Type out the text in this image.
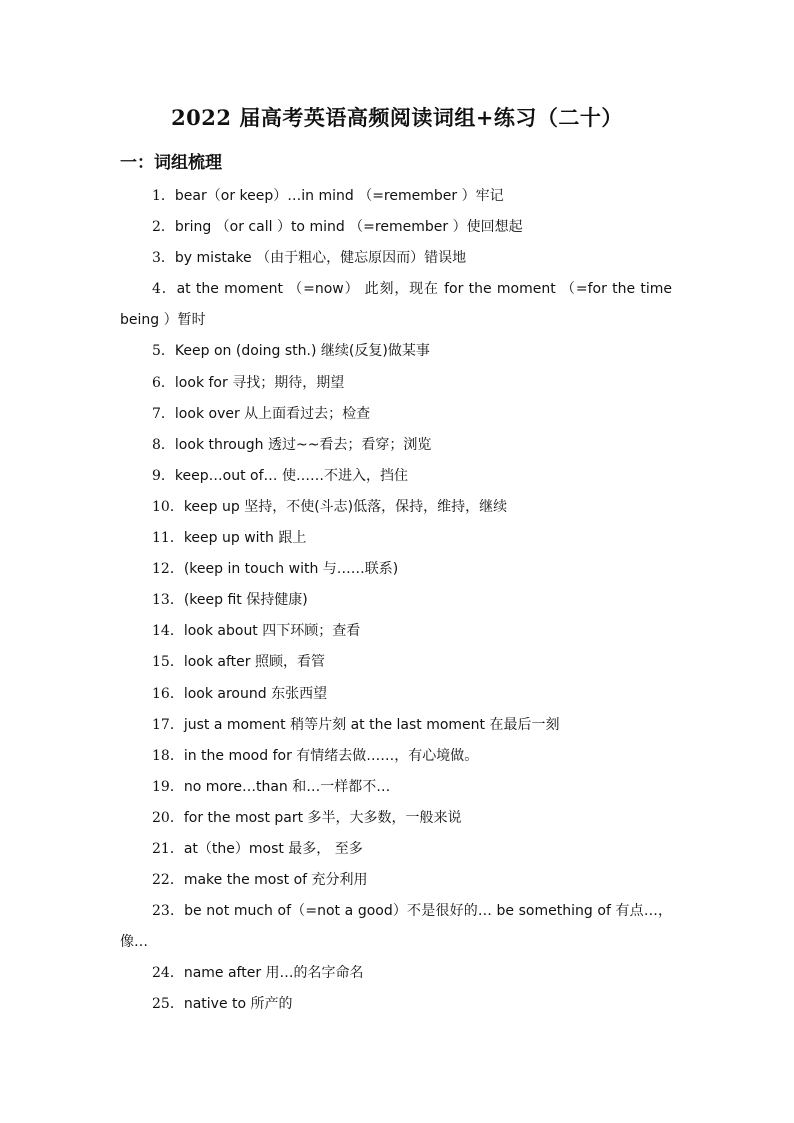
2022 届高考英语高频阅读词组+练习（二十）
一：词组梳理
1．bear（or keep）…in mind （=remember ）牢记
2．bring （or call ）to mind （=remember ）使回想起
3．by mistake （由于粗心，健忘原因而）错误地
4．at the moment （=now） 此刻，现在 for the moment （=for the time being ）暂时
5．Keep on (doing sth.) 继续(反复)做某事
6．look for 寻找；期待，期望
7．look over 从上面看过去；检查
8．look through 透过~~看去；看穿；浏览
9．keep…out of… 使……不进入，挡住
10．keep up 坚持，不使(斗志)低落，保持，维持，继续
11．keep up with 跟上
12．(keep in touch with 与……联系)
13．(keep fit 保持健康)
14．look about 四下环顾；查看
15．look after 照顾，看管
16．look around 东张西望
17．just a moment 稍等片刻 at the last moment 在最后一刻
18．in the mood for 有情绪去做……，有心境做。
19．no more…than 和…一样都不…
20．for the most part 多半，大多数，一般来说
21．at（the）most 最多， 至多
22．make the most of 充分利用
23．be not much of（=not a good）不是很好的… be something of 有点…，像…
24．name after 用…的名字命名
25．native to 所产的
